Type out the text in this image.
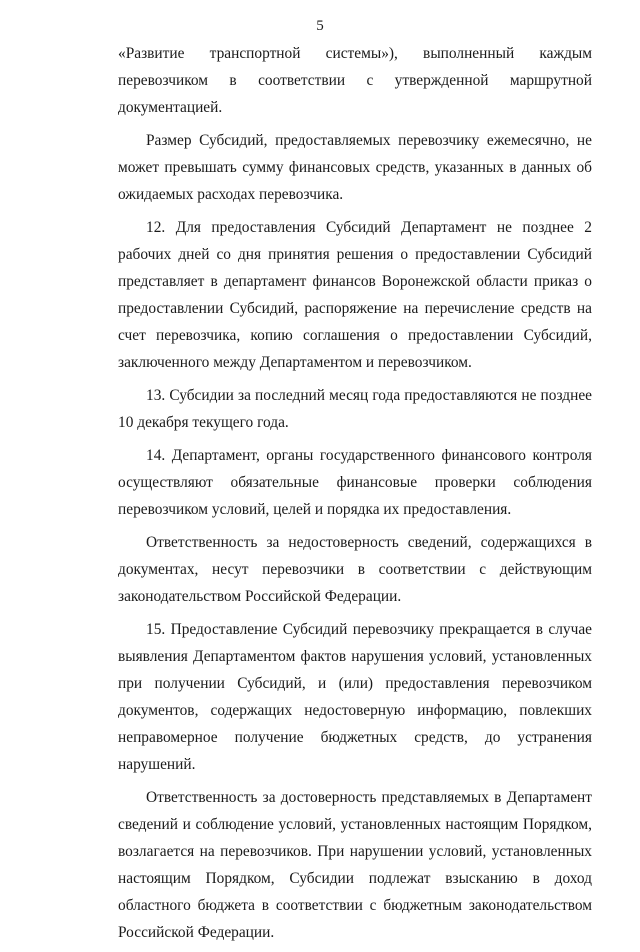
5

«Развитие транспортной системы»), выполненный каждым перевозчиком в соответствии с утвержденной маршрутной документацией.

Размер Субсидий, предоставляемых перевозчику ежемесячно, не может превышать сумму финансовых средств, указанных в данных об ожидаемых расходах перевозчика.

12. Для предоставления Субсидий Департамент не позднее 2 рабочих дней со дня принятия решения о предоставлении Субсидий представляет в департамент финансов Воронежской области приказ о предоставлении Субсидий, распоряжение на перечисление средств на счет перевозчика, копию соглашения о предоставлении Субсидий, заключенного между Департаментом и перевозчиком.

13. Субсидии за последний месяц года предоставляются не позднее 10 декабря текущего года.

14. Департамент, органы государственного финансового контроля осуществляют обязательные финансовые проверки соблюдения перевозчиком условий, целей и порядка их предоставления.

Ответственность за недостоверность сведений, содержащихся в документах, несут перевозчики в соответствии с действующим законодательством Российской Федерации.

15. Предоставление Субсидий перевозчику прекращается в случае выявления Департаментом фактов нарушения условий, установленных при получении Субсидий, и (или) предоставления перевозчиком документов, содержащих недостоверную информацию, повлекших неправомерное получение бюджетных средств, до устранения нарушений.

Ответственность за достоверность представляемых в Департамент сведений и соблюдение условий, установленных настоящим Порядком, возлагается на перевозчиков. При нарушении условий, установленных настоящим Порядком, Субсидии подлежат взысканию в доход областного бюджета в соответствии с бюджетным законодательством Российской Федерации.
